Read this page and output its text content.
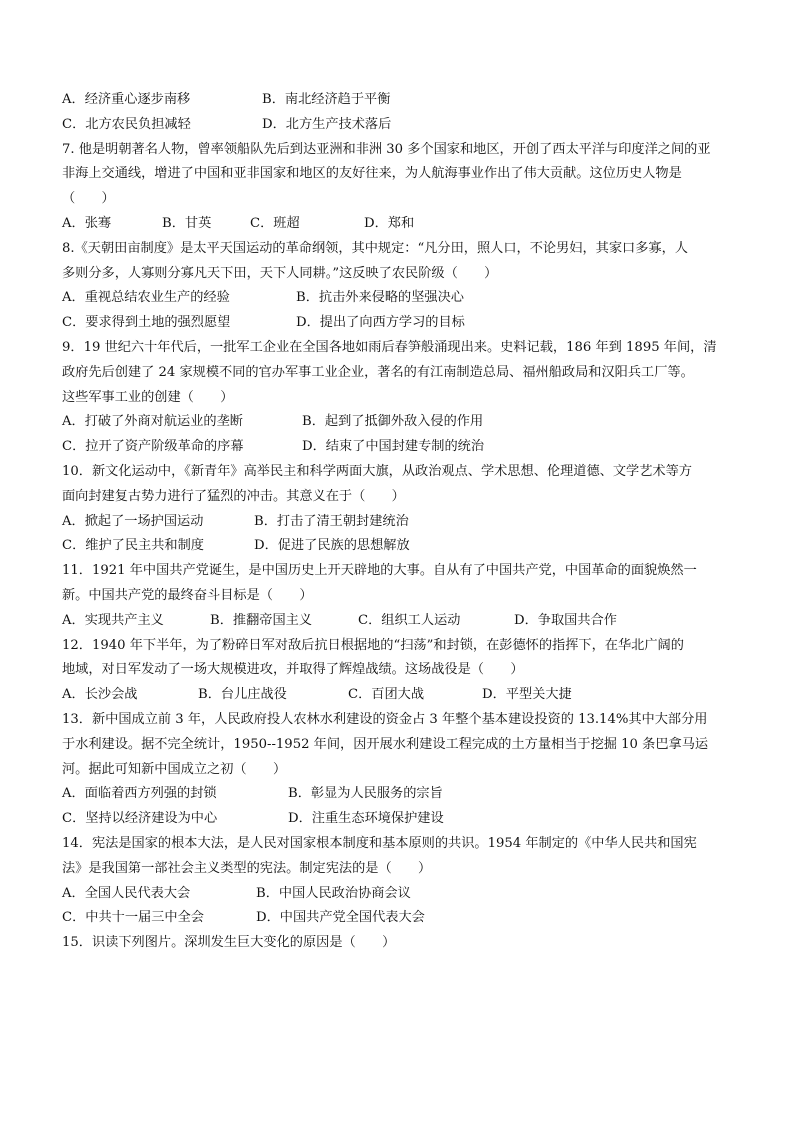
A．经济重心逐步南移	B．南北经济趋于平衡
C．北方农民负担减轻	D．北方生产技术落后
7. 他是明朝著名人物，曾率领船队先后到达亚洲和非洲 30 多个国家和地区，开创了西太平洋与印度洋之间的亚
非海上交通线，增进了中国和亚非国家和地区的友好往来，为人航海事业作出了伟大贡献。这位历史人物是
（　　）
A．张骞	B．甘英	C．班超	D．郑和
8.《天朝田亩制度》是太平天国运动的革命纲领，其中规定：“凡分田，照人口，不论男妇，其家口多寡，人
多则分多，人寡则分寡凡天下田，天下人同耕。”这反映了农民阶级（　　）
A．重视总结农业生产的经验	B．抗击外来侵略的坚强决心
C．要求得到土地的强烈愿望	D．提出了向西方学习的目标
9．19 世纪六十年代后，一批军工企业在全国各地如雨后春笋般涌现出来。史料记载，186 年到 1895 年间，清
政府先后创建了 24 家规模不同的官办军事工业企业，著名的有江南制造总局、福州船政局和汉阳兵工厂等。
这些军事工业的创建（　　）
A．打破了外商对航运业的垄断	B．起到了抵御外敌入侵的作用
C．拉开了资产阶级革命的序幕	D．结束了中国封建专制的统治
10．新文化运动中，《新青年》高举民主和科学两面大旗，从政治观点、学术思想、伦理道德、文学艺术等方
面向封建复古势力进行了猛烈的冲击。其意义在于（　　）
A．掀起了一场护国运动	B．打击了清王朝封建统治
C．维护了民主共和制度	D．促进了民族的思想解放
11．1921 年中国共产党诞生，是中国历史上开天辟地的大事。自从有了中国共产党，中国革命的面貌焕然一
新。中国共产党的最终奋斗目标是（　　）
A．实现共产主义	B．推翻帝国主义	C．组织工人运动	D．争取国共合作
12．1940 年下半年，为了粉碎日军对敌后抗日根据地的“扫荡”和封锁，在彭德怀的指挥下，在华北广阔的
地域，对日军发动了一场大规模进攻，并取得了辉煌战绩。这场战役是（　　）
A．长沙会战	B．台儿庄战役	C．百团大战	D．平型关大捷
13．新中国成立前 3 年，人民政府投人农林水利建设的资金占 3 年整个基本建设投资的 13.14%其中大部分用
于水利建设。据不完全统计，1950--1952 年间，因开展水利建设工程完成的土方量相当于挖掘 10 条巴拿马运
河。据此可知新中国成立之初（　　）
A．面临着西方列强的封锁	B．彰显为人民服务的宗旨
C．坚持以经济建设为中心	D．注重生态环境保护建设
14．宪法是国家的根本大法，是人民对国家根本制度和基本原则的共识。1954 年制定的《中华人民共和国宪
法》是我国第一部社会主义类型的宪法。制定宪法的是（　　）
A．全国人民代表大会	B．中国人民政治协商会议
C．中共十一届三中全会	D．中国共产党全国代表大会
15．识读下列图片。深圳发生巨大变化的原因是（　　）
